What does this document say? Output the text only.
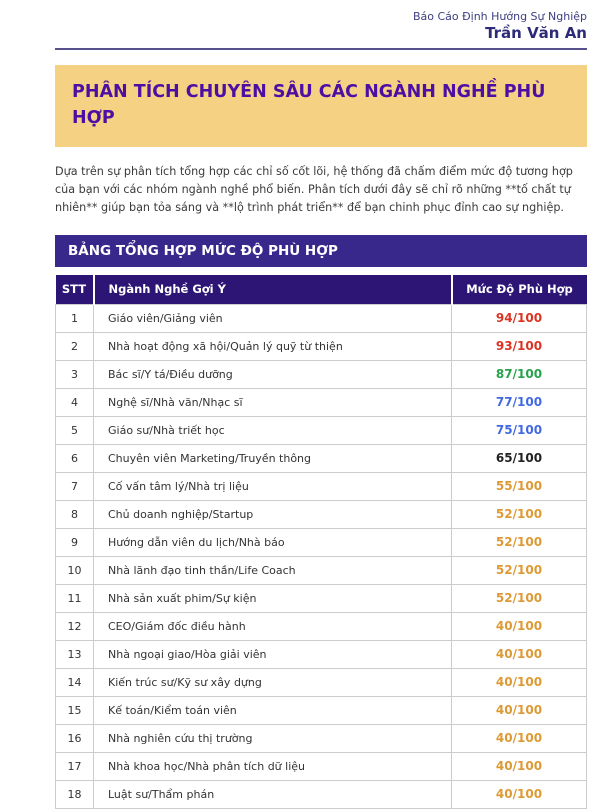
Báo Cáo Định Hướng Sự Nghiệp
Trần Văn An
PHÂN TÍCH CHUYÊN SÂU CÁC NGÀNH NGHỀ PHÙ HỢP

Dựa trên sự phân tích tổng hợp các chỉ số cốt lõi, hệ thống đã chấm điểm mức độ tương hợp của bạn với các nhóm ngành nghề phổ biến. Phân tích dưới đây sẽ chỉ rõ những **tố chất tự nhiên** giúp bạn tỏa sáng và **lộ trình phát triển** để bạn chinh phục đỉnh cao sự nghiệp.

BẢNG TỔNG HỢP MỨC ĐỘ PHÙ HỢP
STT	Ngành Nghề Gợi Ý	Mức Độ Phù Hợp
1	Giáo viên/Giảng viên	94/100
2	Nhà hoạt động xã hội/Quản lý quỹ từ thiện	93/100
3	Bác sĩ/Y tá/Điều dưỡng	87/100
4	Nghệ sĩ/Nhà văn/Nhạc sĩ	77/100
5	Giáo sư/Nhà triết học	75/100
6	Chuyên viên Marketing/Truyền thông	65/100
7	Cố vấn tâm lý/Nhà trị liệu	55/100
8	Chủ doanh nghiệp/Startup	52/100
9	Hướng dẫn viên du lịch/Nhà báo	52/100
10	Nhà lãnh đạo tinh thần/Life Coach	52/100
11	Nhà sản xuất phim/Sự kiện	52/100
12	CEO/Giám đốc điều hành	40/100
13	Nhà ngoại giao/Hòa giải viên	40/100
14	Kiến trúc sư/Kỹ sư xây dựng	40/100
15	Kế toán/Kiểm toán viên	40/100
16	Nhà nghiên cứu thị trường	40/100
17	Nhà khoa học/Nhà phân tích dữ liệu	40/100
18	Luật sư/Thẩm phán	40/100
